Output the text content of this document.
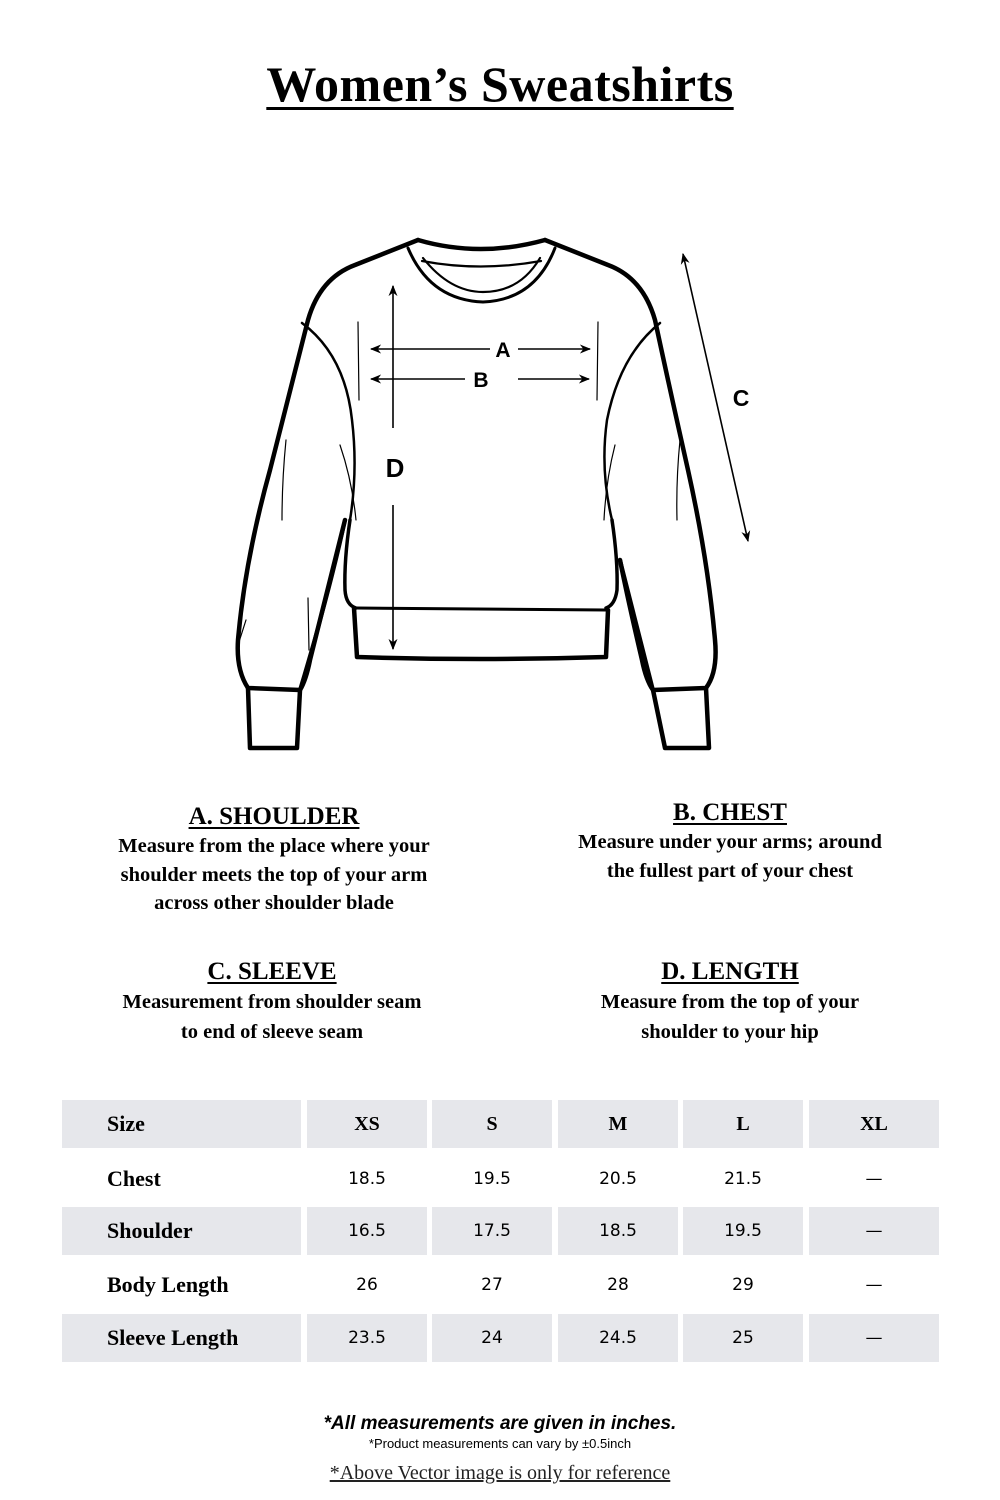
Women’s Sweatshirts
A
B
C
D
A. SHOULDER
Measure from the place where your
shoulder meets the top of your arm
across other shoulder blade
B. CHEST
Measure under your arms; around
the fullest part of your chest
C. SLEEVE
Measurement from shoulder seam
to end of sleeve seam
D. LENGTH
Measure from the top of your
shoulder to your hip
Size	XS	S	M	L	XL
Chest	18.5	19.5	20.5	21.5	—
Shoulder	16.5	17.5	18.5	19.5	—
Body Length	26	27	28	29	—
Sleeve Length	23.5	24	24.5	25	—
*All measurements are given in inches.
*Product measurements can vary by ±0.5inch
*Above Vector image is only for reference
